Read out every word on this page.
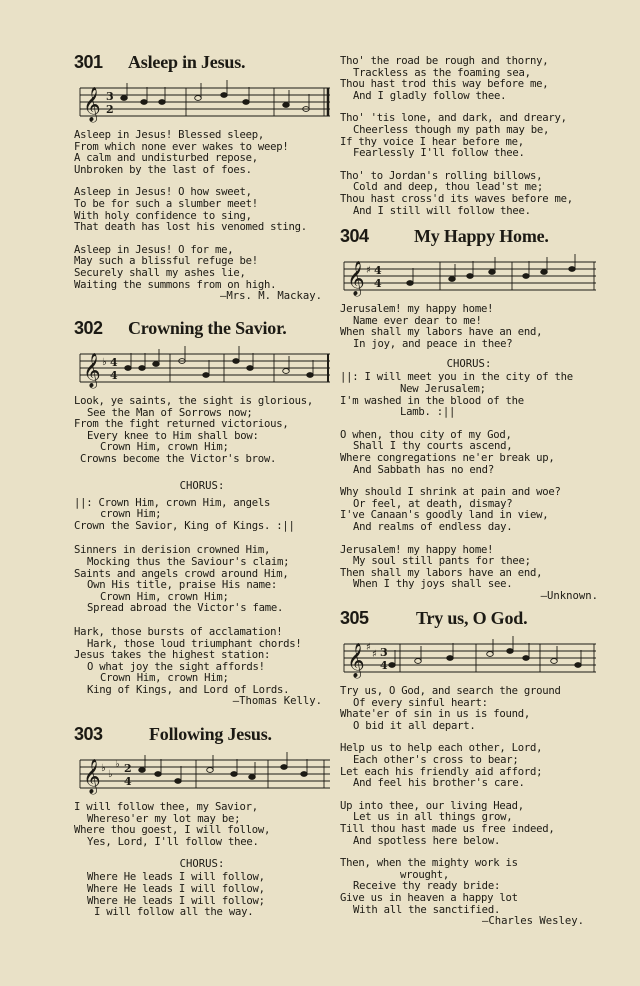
301	Asleep in Jesus.
𝄞 3
2
Asleep in Jesus! Blessed sleep,
From which none ever wakes to weep!
A calm and undisturbed repose,
Unbroken by the last of foes.
Asleep in Jesus! O how sweet,
To be for such a slumber meet!
With holy confidence to sing,
That death has lost his venomed sting.
Asleep in Jesus! O for me,
May such a blissful refuge be!
Securely shall my ashes lie,
Waiting the summons from on high.
—Mrs. M. Mackay.
302	Crowning the Savior.
𝄞 ♭ 4
4
Look, ye saints, the sight is glorious,
See the Man of Sorrows now;
From the fight returned victorious,
Every knee to Him shall bow:
Crown Him, crown Him;
Crowns become the Victor's brow.
CHORUS:
||: Crown Him, crown Him, angels
crown Him;
Crown the Savior, King of Kings. :||
Sinners in derision crowned Him,
Mocking thus the Saviour's claim;
Saints and angels crowd around Him,
Own His title, praise His name:
Crown Him, crown Him;
Spread abroad the Victor's fame.
Hark, those bursts of acclamation!
Hark, those loud triumphant chords!
Jesus takes the highest station:
O what joy the sight affords!
Crown Him, crown Him;
King of Kings, and Lord of Lords.
—Thomas Kelly.
303	Following Jesus.
𝄞 ♭
♭
♭ 2
4
I will follow thee, my Savior,
Whereso'er my lot may be;
Where thou goest, I will follow,
Yes, Lord, I'll follow thee.
CHORUS:
Where He leads I will follow,
Where He leads I will follow,
Where He leads I will follow;
I will follow all the way.
Tho' the road be rough and thorny,
Trackless as the foaming sea,
Thou hast trod this way before me,
And I gladly follow thee.
Tho' 'tis lone, and dark, and dreary,
Cheerless though my path may be,
If thy voice I hear before me,
Fearlessly I'll follow thee.
Tho' to Jordan's rolling billows,
Cold and deep, thou lead'st me;
Thou hast cross'd its waves before me,
And I still will follow thee.
304	My Happy Home.
𝄞 ♯ 4
4
Jerusalem! my happy home!
Name ever dear to me!
When shall my labors have an end,
In joy, and peace in thee?
CHORUS:
||: I will meet you in the city of the
New Jerusalem;
I'm washed in the blood of the
Lamb. :||
O when, thou city of my God,
Shall I thy courts ascend,
Where congregations ne'er break up,
And Sabbath has no end?
Why should I shrink at pain and woe?
Or feel, at death, dismay?
I've Canaan's goodly land in view,
And realms of endless day.
Jerusalem! my happy home!
My soul still pants for thee;
Then shall my labors have an end,
When I thy joys shall see.
—Unknown.
305	Try us, O God.
𝄞 ♯
♯ 3
4
Try us, O God, and search the ground
Of every sinful heart:
Whate'er of sin in us is found,
O bid it all depart.
Help us to help each other, Lord,
Each other's cross to bear;
Let each his friendly aid afford;
And feel his brother's care.
Up into thee, our living Head,
Let us in all things grow,
Till thou hast made us free indeed,
And spotless here below.
Then, when the mighty work is
wrought,
Receive thy ready bride:
Give us in heaven a happy lot
With all the sanctified.
—Charles Wesley.
